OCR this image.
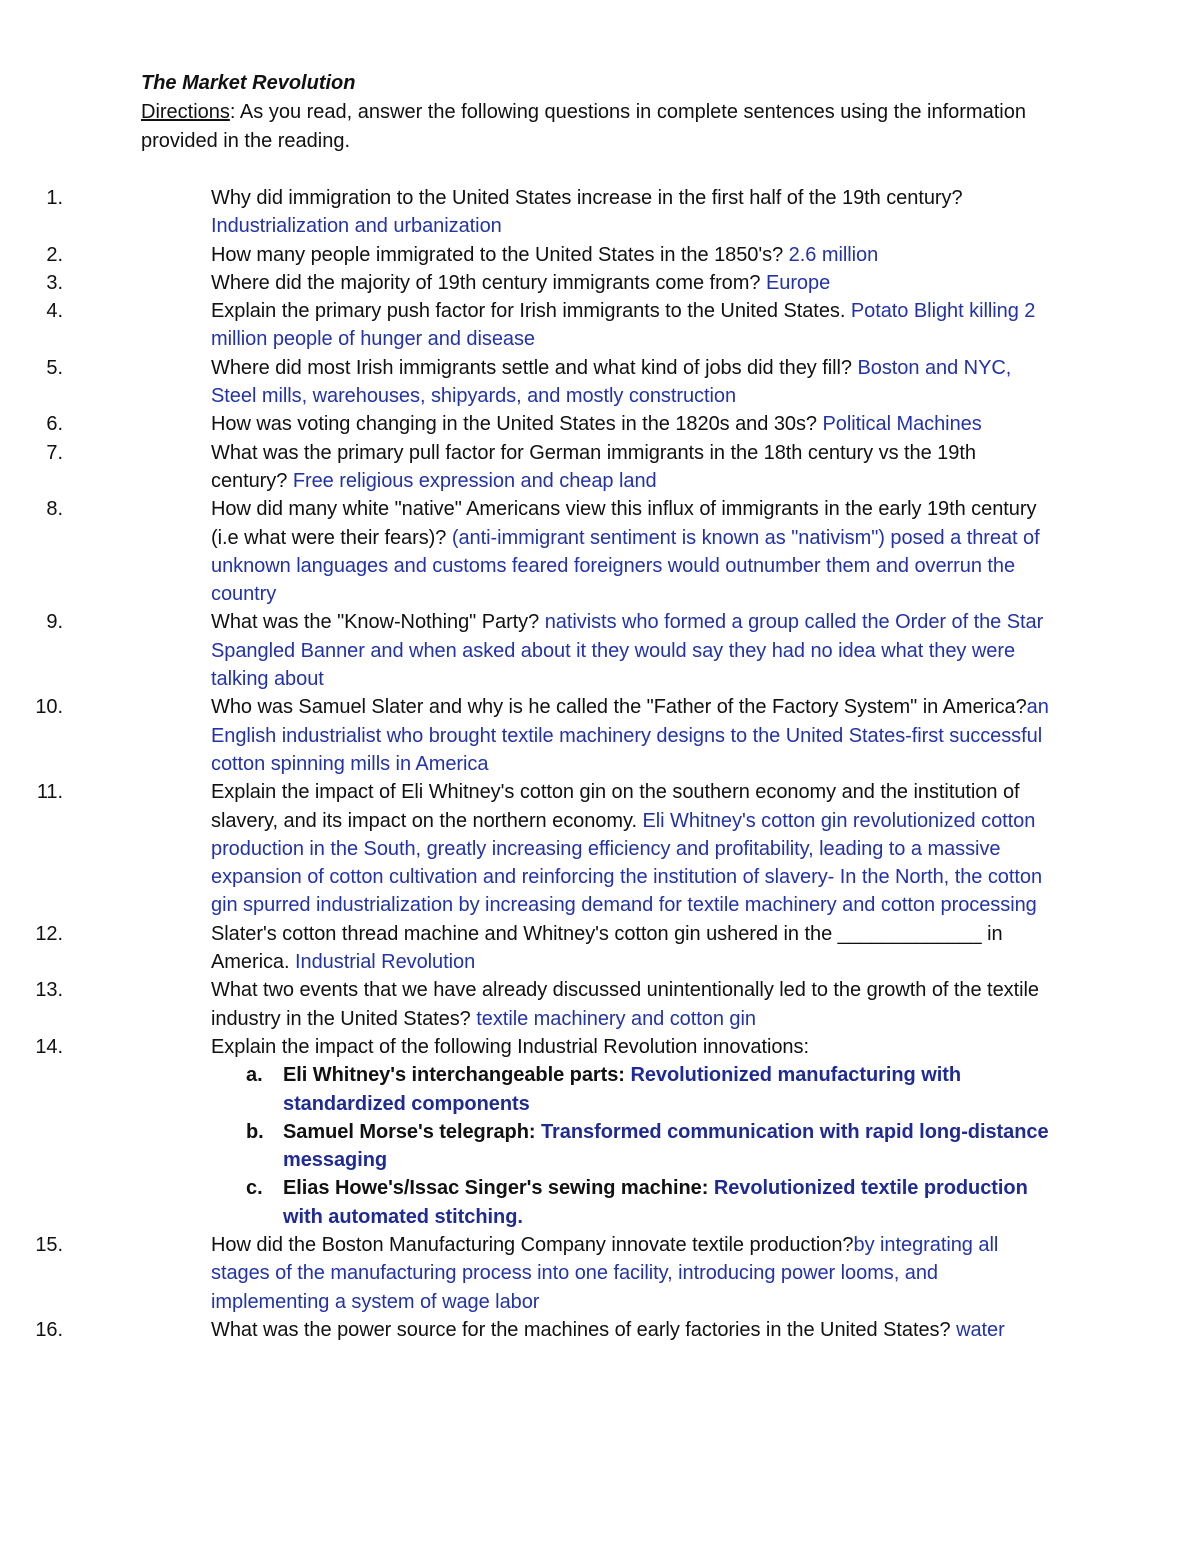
The Market Revolution
Directions: As you read, answer the following questions in complete sentences using the information provided in the reading.
1.	Why did immigration to the United States increase in the first half of the 19th century? Industrialization and urbanization
2.	How many people immigrated to the United States in the 1850's? 2.6 million
3.	Where did the majority of 19th century immigrants come from? Europe
4.	Explain the primary push factor for Irish immigrants to the United States. Potato Blight killing 2 million people of hunger and disease
5.	Where did most Irish immigrants settle and what kind of jobs did they fill? Boston and NYC, Steel mills, warehouses, shipyards, and mostly construction
6.	How was voting changing in the United States in the 1820s and 30s? Political Machines
7.	What was the primary pull factor for German immigrants in the 18th century vs the 19th century? Free religious expression and cheap land
8.	How did many white "native" Americans view this influx of immigrants in the early 19th century (i.e what were their fears)? (anti-immigrant sentiment is known as "nativism") posed a threat of unknown languages and customs feared foreigners would outnumber them and overrun the country
9.	What was the "Know-Nothing" Party? nativists who formed a group called the Order of the Star Spangled Banner and when asked about it they would say they had no idea what they were talking about
10.	Who was Samuel Slater and why is he called the "Father of the Factory System" in America?an English industrialist who brought textile machinery designs to the United States-first successful cotton spinning mills in America
11.	Explain the impact of Eli Whitney's cotton gin on the southern economy and the institution of slavery, and its impact on the northern economy. Eli Whitney's cotton gin revolutionized cotton production in the South, greatly increasing efficiency and profitability, leading to a massive expansion of cotton cultivation and reinforcing the institution of slavery- In the North, the cotton gin spurred industrialization by increasing demand for textile machinery and cotton processing
12.	Slater's cotton thread machine and Whitney's cotton gin ushered in the _____________ in America. Industrial Revolution
13.	What two events that we have already discussed unintentionally led to the growth of the textile industry in the United States? textile machinery and cotton gin
14.	Explain the impact of the following Industrial Revolution innovations:
a. Eli Whitney's interchangeable parts: Revolutionized manufacturing with standardized components
b. Samuel Morse's telegraph: Transformed communication with rapid long-distance messaging
c. Elias Howe's/Issac Singer's sewing machine: Revolutionized textile production with automated stitching.
15.	How did the Boston Manufacturing Company innovate textile production?by integrating all stages of the manufacturing process into one facility, introducing power looms, and implementing a system of wage labor
16.	What was the power source for the machines of early factories in the United States? water
